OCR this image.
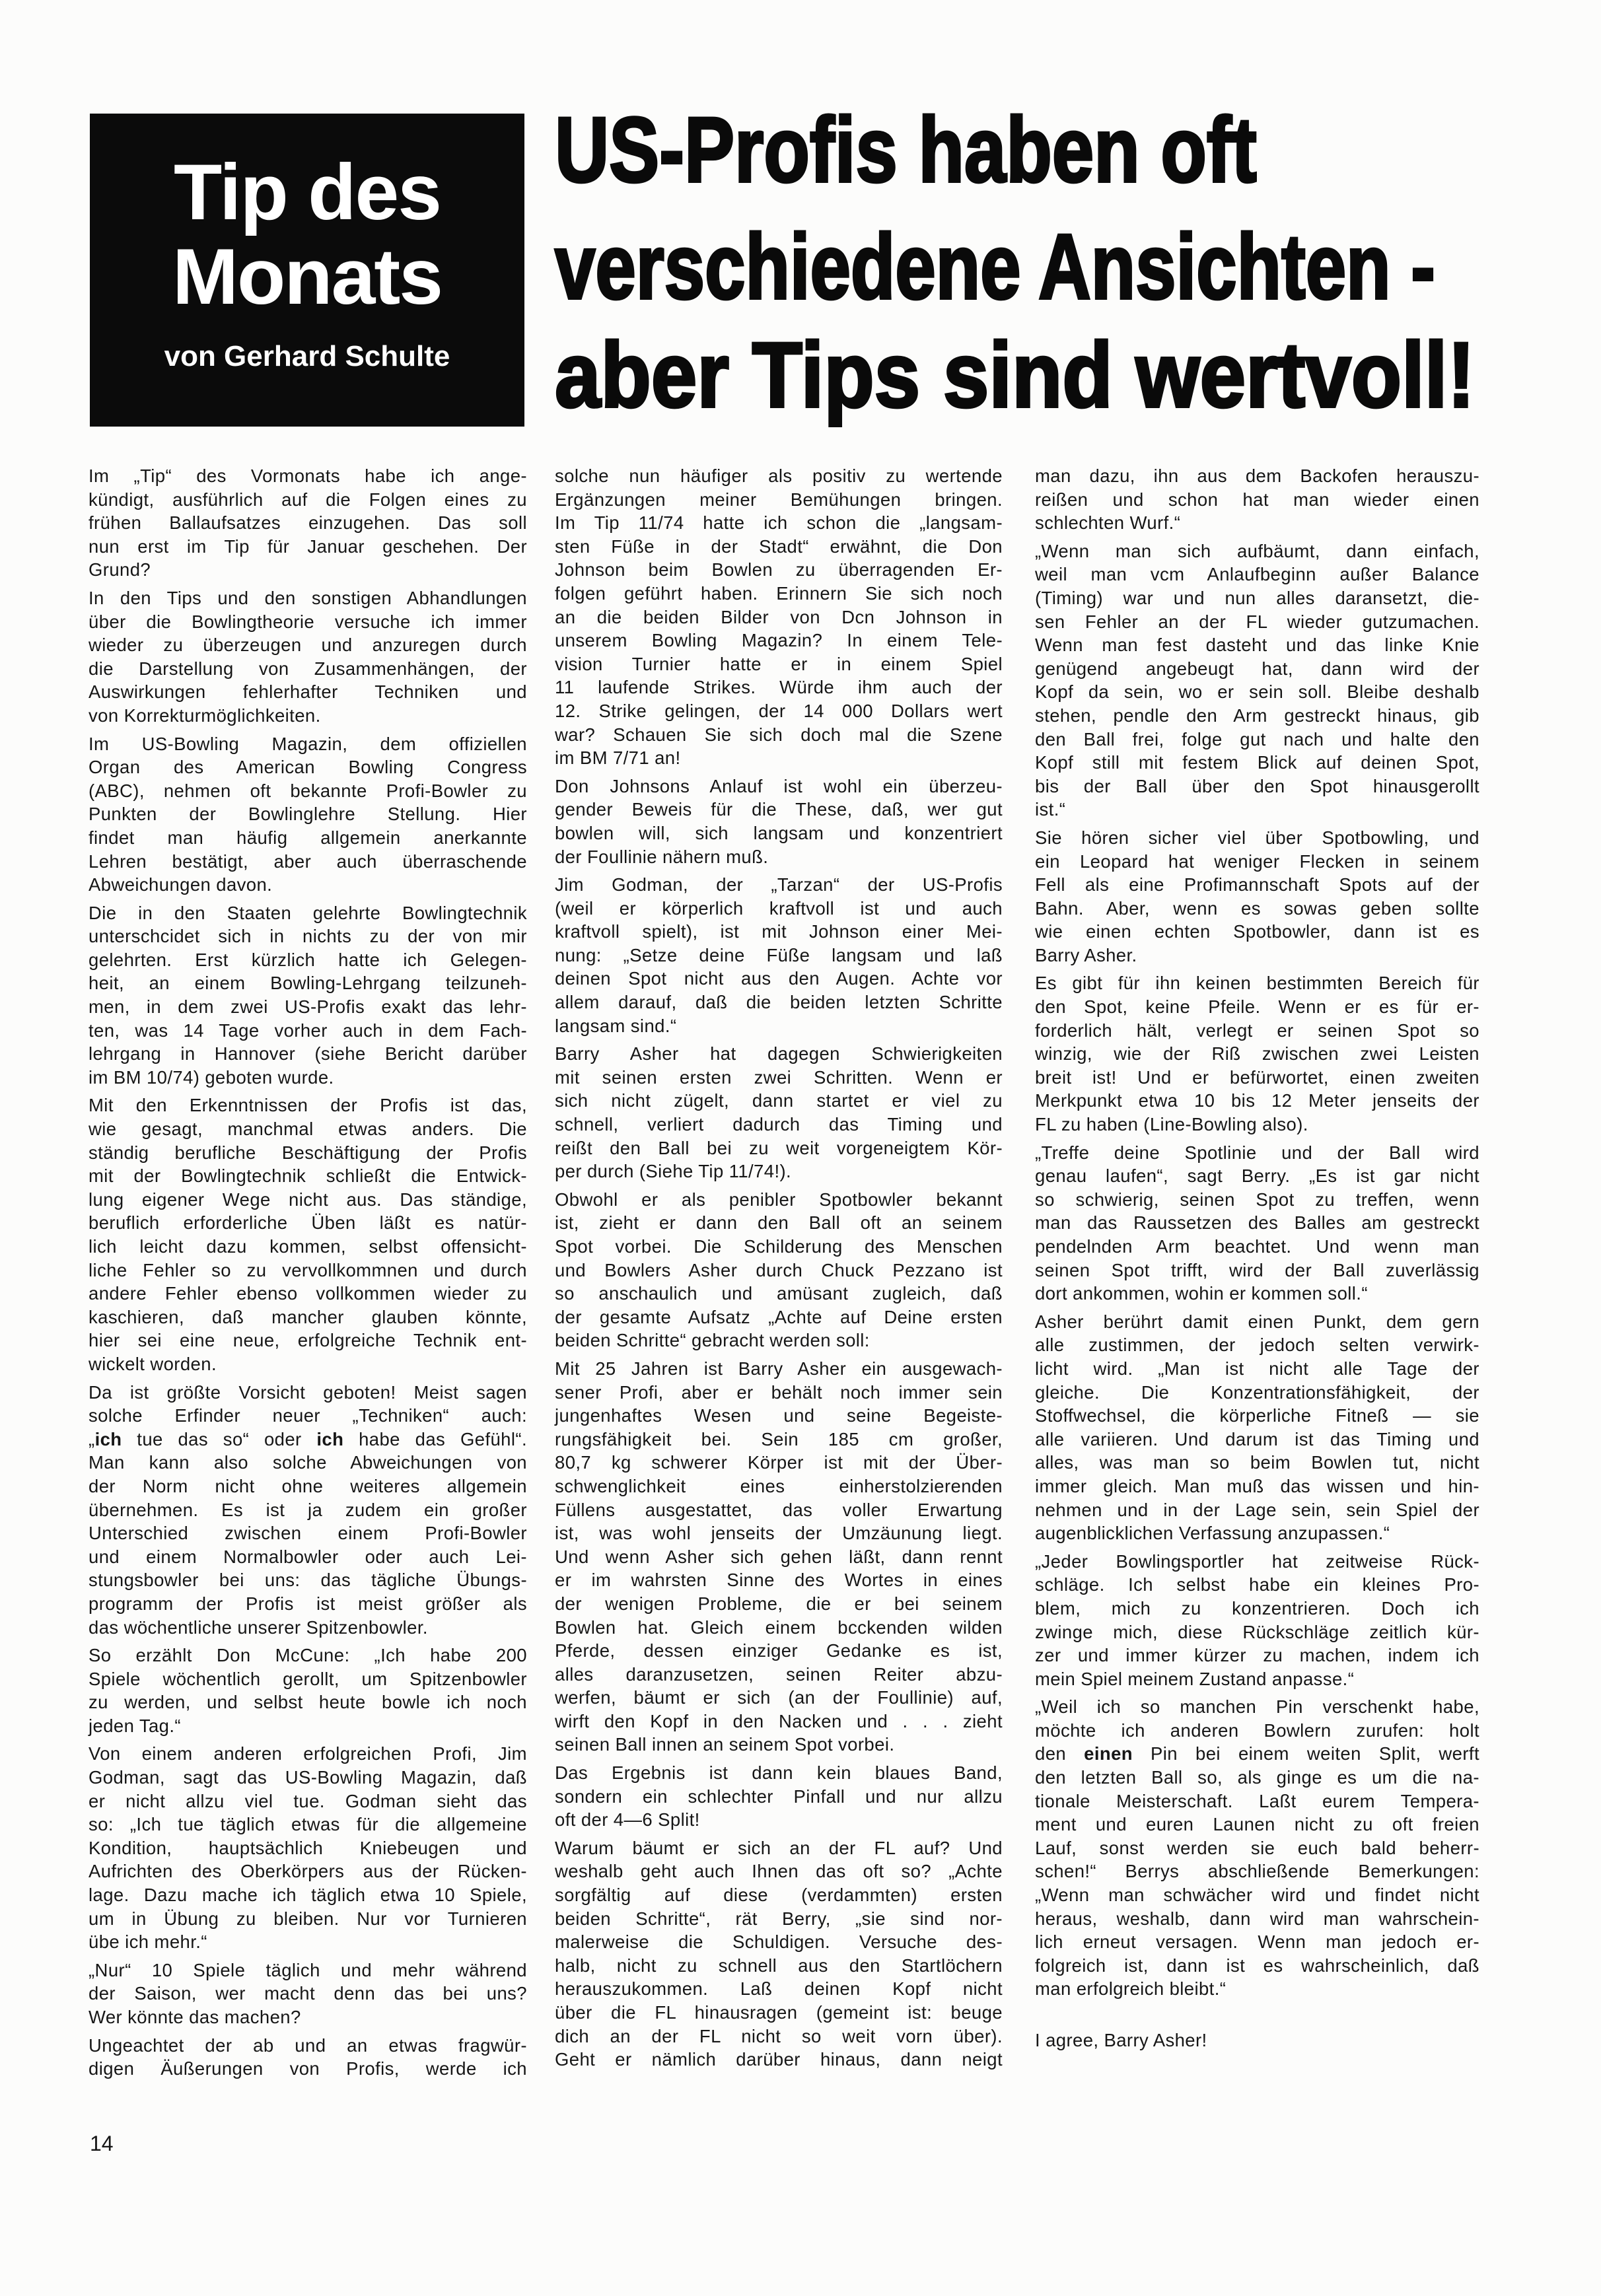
Tip des
Monats
von Gerhard Schulte
US-Profis haben oft
verschiedene Ansichten -
aber Tips sind wertvoll!
Im „Tip“ des Vormonats habe ich ange-
kündigt, ausführlich auf die Folgen eines zu
frühen Ballaufsatzes einzugehen. Das soll
nun erst im Tip für Januar geschehen. Der
Grund?
In den Tips und den sonstigen Abhandlungen
über die Bowlingtheorie versuche ich immer
wieder zu überzeugen und anzuregen durch
die Darstellung von Zusammenhängen, der
Auswirkungen fehlerhafter Techniken und
von Korrekturmöglichkeiten.
Im US-Bowling Magazin, dem offiziellen
Organ des American Bowling Congress
(ABC), nehmen oft bekannte Profi-Bowler zu
Punkten der Bowlinglehre Stellung. Hier
findet man häufig allgemein anerkannte
Lehren bestätigt, aber auch überraschende
Abweichungen davon.
Die in den Staaten gelehrte Bowlingtechnik
unterschcidet sich in nichts zu der von mir
gelehrten. Erst kürzlich hatte ich Gelegen-
heit, an einem Bowling-Lehrgang teilzuneh-
men, in dem zwei US-Profis exakt das lehr-
ten, was 14 Tage vorher auch in dem Fach-
lehrgang in Hannover (siehe Bericht darüber
im BM 10/74) geboten wurde.
Mit den Erkenntnissen der Profis ist das,
wie gesagt, manchmal etwas anders. Die
ständig berufliche Beschäftigung der Profis
mit der Bowlingtechnik schließt die Entwick-
lung eigener Wege nicht aus. Das ständige,
beruflich erforderliche Üben läßt es natür-
lich leicht dazu kommen, selbst offensicht-
liche Fehler so zu vervollkommnen und durch
andere Fehler ebenso vollkommen wieder zu
kaschieren, daß mancher glauben könnte,
hier sei eine neue, erfolgreiche Technik ent-
wickelt worden.
Da ist größte Vorsicht geboten! Meist sagen
solche Erfinder neuer „Techniken“ auch:
„ich tue das so“ oder ich habe das Gefühl“.
Man kann also solche Abweichungen von
der Norm nicht ohne weiteres allgemein
übernehmen. Es ist ja zudem ein großer
Unterschied zwischen einem Profi-Bowler
und einem Normalbowler oder auch Lei-
stungsbowler bei uns: das tägliche Übungs-
programm der Profis ist meist größer als
das wöchentliche unserer Spitzenbowler.
So erzählt Don McCune: „Ich habe 200
Spiele wöchentlich gerollt, um Spitzenbowler
zu werden, und selbst heute bowle ich noch
jeden Tag.“
Von einem anderen erfolgreichen Profi, Jim
Godman, sagt das US-Bowling Magazin, daß
er nicht allzu viel tue. Godman sieht das
so: „Ich tue täglich etwas für die allgemeine
Kondition, hauptsächlich Kniebeugen und
Aufrichten des Oberkörpers aus der Rücken-
lage. Dazu mache ich täglich etwa 10 Spiele,
um in Übung zu bleiben. Nur vor Turnieren
übe ich mehr.“
„Nur“ 10 Spiele täglich und mehr während
der Saison, wer macht denn das bei uns?
Wer könnte das machen?
Ungeachtet der ab und an etwas fragwür-
digen Äußerungen von Profis, werde ich
solche nun häufiger als positiv zu wertende
Ergänzungen meiner Bemühungen bringen.
Im Tip 11/74 hatte ich schon die „langsam-
sten Füße in der Stadt“ erwähnt, die Don
Johnson beim Bowlen zu überragenden Er-
folgen geführt haben. Erinnern Sie sich noch
an die beiden Bilder von Dcn Johnson in
unserem Bowling Magazin? In einem Tele-
vision Turnier hatte er in einem Spiel
11 laufende Strikes. Würde ihm auch der
12. Strike gelingen, der 14 000 Dollars wert
war? Schauen Sie sich doch mal die Szene
im BM 7/71 an!
Don Johnsons Anlauf ist wohl ein überzeu-
gender Beweis für die These, daß, wer gut
bowlen will, sich langsam und konzentriert
der Foullinie nähern muß.
Jim Godman, der „Tarzan“ der US-Profis
(weil er körperlich kraftvoll ist und auch
kraftvoll spielt), ist mit Johnson einer Mei-
nung: „Setze deine Füße langsam und laß
deinen Spot nicht aus den Augen. Achte vor
allem darauf, daß die beiden letzten Schritte
langsam sind.“
Barry Asher hat dagegen Schwierigkeiten
mit seinen ersten zwei Schritten. Wenn er
sich nicht zügelt, dann startet er viel zu
schnell, verliert dadurch das Timing und
reißt den Ball bei zu weit vorgeneigtem Kör-
per durch (Siehe Tip 11/74!).
Obwohl er als penibler Spotbowler bekannt
ist, zieht er dann den Ball oft an seinem
Spot vorbei. Die Schilderung des Menschen
und Bowlers Asher durch Chuck Pezzano ist
so anschaulich und amüsant zugleich, daß
der gesamte Aufsatz „Achte auf Deine ersten
beiden Schritte“ gebracht werden soll:
Mit 25 Jahren ist Barry Asher ein ausgewach-
sener Profi, aber er behält noch immer sein
jungenhaftes Wesen und seine Begeiste-
rungsfähigkeit bei. Sein 185 cm großer,
80,7 kg schwerer Körper ist mit der Über-
schwenglichkeit eines einherstolzierenden
Füllens ausgestattet, das voller Erwartung
ist, was wohl jenseits der Umzäunung liegt.
Und wenn Asher sich gehen läßt, dann rennt
er im wahrsten Sinne des Wortes in eines
der wenigen Probleme, die er bei seinem
Bowlen hat. Gleich einem bcckenden wilden
Pferde, dessen einziger Gedanke es ist,
alles daranzusetzen, seinen Reiter abzu-
werfen, bäumt er sich (an der Foullinie) auf,
wirft den Kopf in den Nacken und . . . zieht
seinen Ball innen an seinem Spot vorbei.
Das Ergebnis ist dann kein blaues Band,
sondern ein schlechter Pinfall und nur allzu
oft der 4—6 Split!
Warum bäumt er sich an der FL auf? Und
weshalb geht auch Ihnen das oft so? „Achte
sorgfältig auf diese (verdammten) ersten
beiden Schritte“, rät Berry, „sie sind nor-
malerweise die Schuldigen. Versuche des-
halb, nicht zu schnell aus den Startlöchern
herauszukommen. Laß deinen Kopf nicht
über die FL hinausragen (gemeint ist: beuge
dich an der FL nicht so weit vorn über).
Geht er nämlich darüber hinaus, dann neigt
man dazu, ihn aus dem Backofen herauszu-
reißen und schon hat man wieder einen
schlechten Wurf.“
„Wenn man sich aufbäumt, dann einfach,
weil man vcm Anlaufbeginn außer Balance
(Timing) war und nun alles daransetzt, die-
sen Fehler an der FL wieder gutzumachen.
Wenn man fest dasteht und das linke Knie
genügend angebeugt hat, dann wird der
Kopf da sein, wo er sein soll. Bleibe deshalb
stehen, pendle den Arm gestreckt hinaus, gib
den Ball frei, folge gut nach und halte den
Kopf still mit festem Blick auf deinen Spot,
bis der Ball über den Spot hinausgerollt
ist.“
Sie hören sicher viel über Spotbowling, und
ein Leopard hat weniger Flecken in seinem
Fell als eine Profimannschaft Spots auf der
Bahn. Aber, wenn es sowas geben sollte
wie einen echten Spotbowler, dann ist es
Barry Asher.
Es gibt für ihn keinen bestimmten Bereich für
den Spot, keine Pfeile. Wenn er es für er-
forderlich hält, verlegt er seinen Spot so
winzig, wie der Riß zwischen zwei Leisten
breit ist! Und er befürwortet, einen zweiten
Merkpunkt etwa 10 bis 12 Meter jenseits der
FL zu haben (Line-Bowling also).
„Treffe deine Spotlinie und der Ball wird
genau laufen“, sagt Berry. „Es ist gar nicht
so schwierig, seinen Spot zu treffen, wenn
man das Raussetzen des Balles am gestreckt
pendelnden Arm beachtet. Und wenn man
seinen Spot trifft, wird der Ball zuverlässig
dort ankommen, wohin er kommen soll.“
Asher berührt damit einen Punkt, dem gern
alle zustimmen, der jedoch selten verwirk-
licht wird. „Man ist nicht alle Tage der
gleiche. Die Konzentrationsfähigkeit, der
Stoffwechsel, die körperliche Fitneß — sie
alle variieren. Und darum ist das Timing und
alles, was man so beim Bowlen tut, nicht
immer gleich. Man muß das wissen und hin-
nehmen und in der Lage sein, sein Spiel der
augenblicklichen Verfassung anzupassen.“
„Jeder Bowlingsportler hat zeitweise Rück-
schläge. Ich selbst habe ein kleines Pro-
blem, mich zu konzentrieren. Doch ich
zwinge mich, diese Rückschläge zeitlich kür-
zer und immer kürzer zu machen, indem ich
mein Spiel meinem Zustand anpasse.“
„Weil ich so manchen Pin verschenkt habe,
möchte ich anderen Bowlern zurufen: holt
den einen Pin bei einem weiten Split, werft
den letzten Ball so, als ginge es um die na-
tionale Meisterschaft. Laßt eurem Tempera-
ment und euren Launen nicht zu oft freien
Lauf, sonst werden sie euch bald beherr-
schen!“ Berrys abschließende Bemerkungen:
„Wenn man schwächer wird und findet nicht
heraus, weshalb, dann wird man wahrschein-
lich erneut versagen. Wenn man jedoch er-
folgreich ist, dann ist es wahrscheinlich, daß
man erfolgreich bleibt.“
I agree, Barry Asher!
14
